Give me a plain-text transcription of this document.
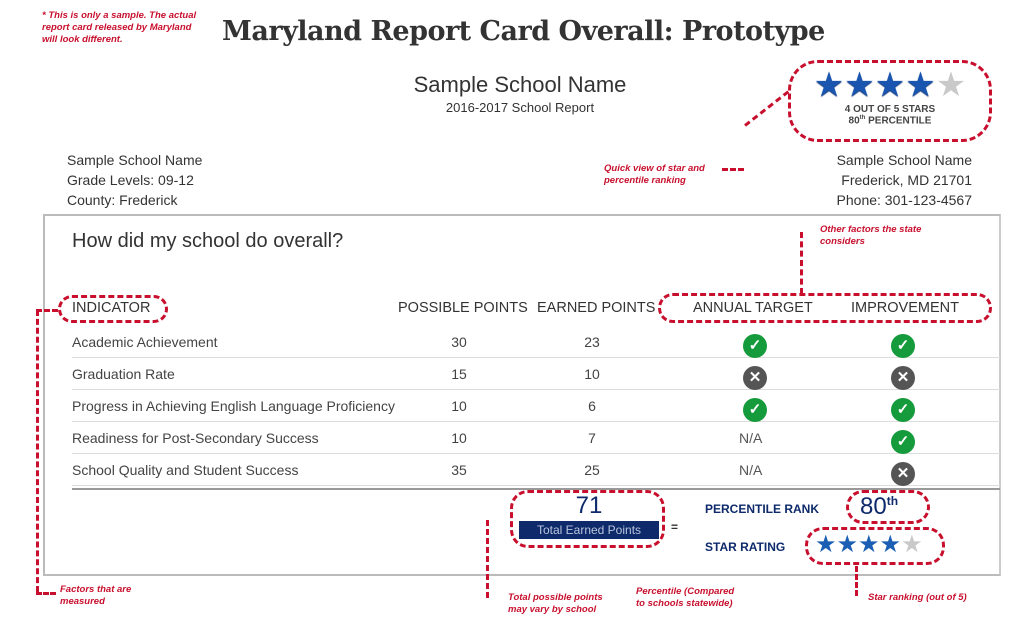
* This is only a sample. The actual
report card released by Maryland
will look different.	Maryland Report Card Overall: Prototype
Sample School Name
2016-2017 School Report
★★★★★
4 OUT OF 5 STARS
80th PERCENTILE
Quick view of star and
percentile ranking
Sample School Name
Grade Levels: 09-12
County: Frederick
Sample School Name
Frederick, MD 21701
Phone: 301-123-4567
How did my school do overall?
Other factors the state
considers
INDICATOR	POSSIBLE POINTS EARNED POINTS	ANNUAL TARGET	IMPROVEMENT
Academic Achievement	30	23	✓	✓
Graduation Rate	15	10	✕	✕
Progress in Achieving English Language Proficiency	10	6	✓	✓
Readiness for Post-Secondary Success	10	7	N/A	✓
School Quality and Student Success	35	25	N/A	✕
Factors that are
measured
71
Total Earned Points	=
Total possible points
may vary by school
PERCENTILE RANK 80th
STAR RATING ★★★★★
Percentile (Compared
to schools statewide)
Star ranking (out of 5)
